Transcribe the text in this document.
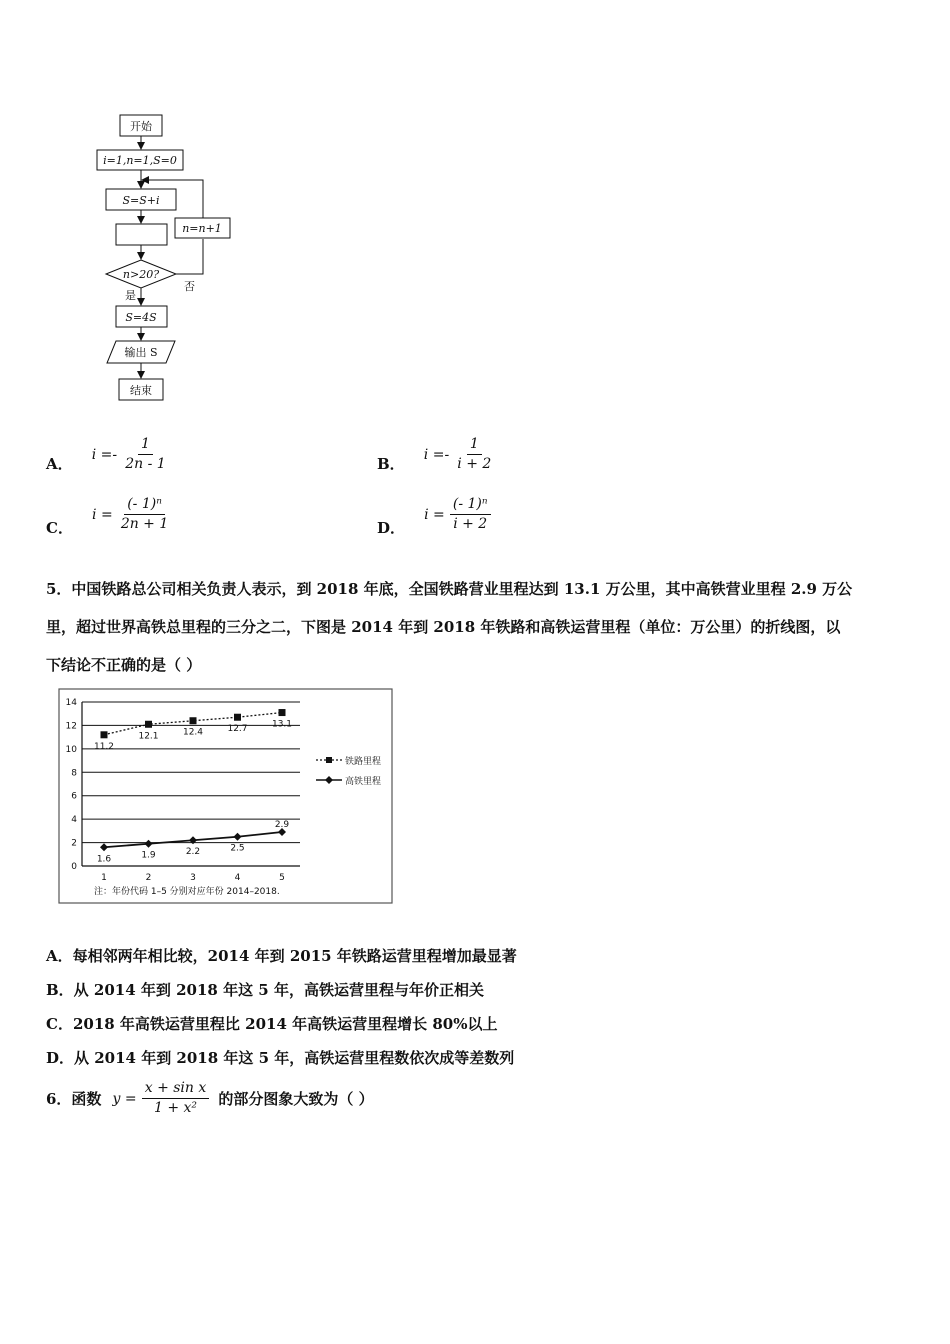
开始
i=1,n=1,S=0
S=S+i
n>20?
否
n=n+1
是
S=4S
输出 S
结束
A． $i =- \frac{1}{2n - 1}$	B． $i =- \frac{1}{i + 2}$
C． $i = \frac{\text{(- 1)ⁿ}}{2n + 1}$	D． $i = \frac{\text{(- 1)ⁿ}}{i + 2}$
5．中国铁路总公司相关负责人表示，到 2018 年底，全国铁路营业里程达到 13.1 万公里，其中高铁营业里程 2.9 万公
里，超过世界高铁总里程的三分之二，下图是 2014 年到 2018 年铁路和高铁运营里程（单位：万公里）的折线图，以
下结论不正确的是（ ）
0
2
4
6
8
10
12
14
1	2	3	4	5
11.2
12.1	12.4	12.7	13.1
1.6	1.9	2.2	2.5
2.9
铁路里程
高铁里程
注：年份代码 1–5 分别对应年份 2014–2018.
A．每相邻两年相比较，2014 年到 2015 年铁路运营里程增加最显著
B．从 2014 年到 2018 年这 5 年，高铁运营里程与年价正相关
C．2018 年高铁运营里程比 2014 年高铁运营里程增长 80%以上
D．从 2014 年到 2018 年这 5 年，高铁运营里程数依次成等差数列
6．函数 $y = \frac{\text{x + sin x}}{\text{1 + x²}}$ 的部分图象大致为（ ）
